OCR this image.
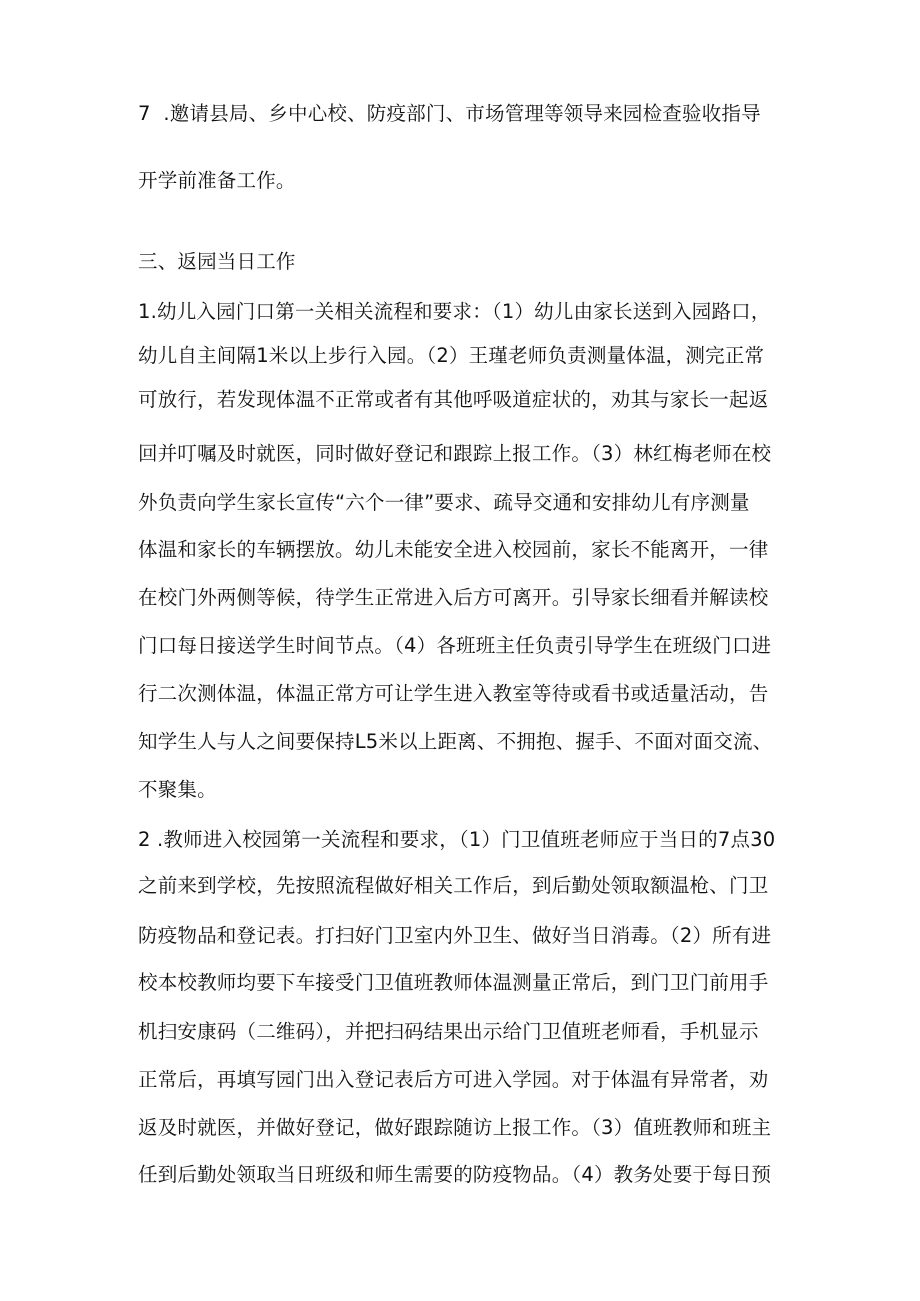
7  .邀请县局、乡中心校、防疫部门、市场管理等领导来园检查验收指导
开学前准备工作。
三、返园当日工作
1.幼儿入园门口第一关相关流程和要求：（1）幼儿由家长送到入园路口，
幼儿自主间隔1米以上步行入园。（2）王瑾老师负责测量体温，测完正常
可放行，若发现体温不正常或者有其他呼吸道症状的，劝其与家长一起返
回并叮嘱及时就医，同时做好登记和跟踪上报工作。（3）林红梅老师在校
外负责向学生家长宣传“六个一律”要求、疏导交通和安排幼儿有序测量
体温和家长的车辆摆放。幼儿未能安全进入校园前，家长不能离开，一律
在校门外两侧等候，待学生正常进入后方可离开。引导家长细看并解读校
门口每日接送学生时间节点。（4）各班班主任负责引导学生在班级门口进
行二次测体温，体温正常方可让学生进入教室等待或看书或适量活动，告
知学生人与人之间要保持L5米以上距离、不拥抱、握手、不面对面交流、
不聚集。
2 .教师进入校园第一关流程和要求，（1）门卫值班老师应于当日的7点30
之前来到学校，先按照流程做好相关工作后，到后勤处领取额温枪、门卫
防疫物品和登记表。打扫好门卫室内外卫生、做好当日消毒。（2）所有进
校本校教师均要下车接受门卫值班教师体温测量正常后，到门卫门前用手
机扫安康码（二维码），并把扫码结果出示给门卫值班老师看，手机显示
正常后，再填写园门出入登记表后方可进入学园。对于体温有异常者，劝
返及时就医，并做好登记，做好跟踪随访上报工作。（3）值班教师和班主
任到后勤处领取当日班级和师生需要的防疫物品。（4）教务处要于每日预
